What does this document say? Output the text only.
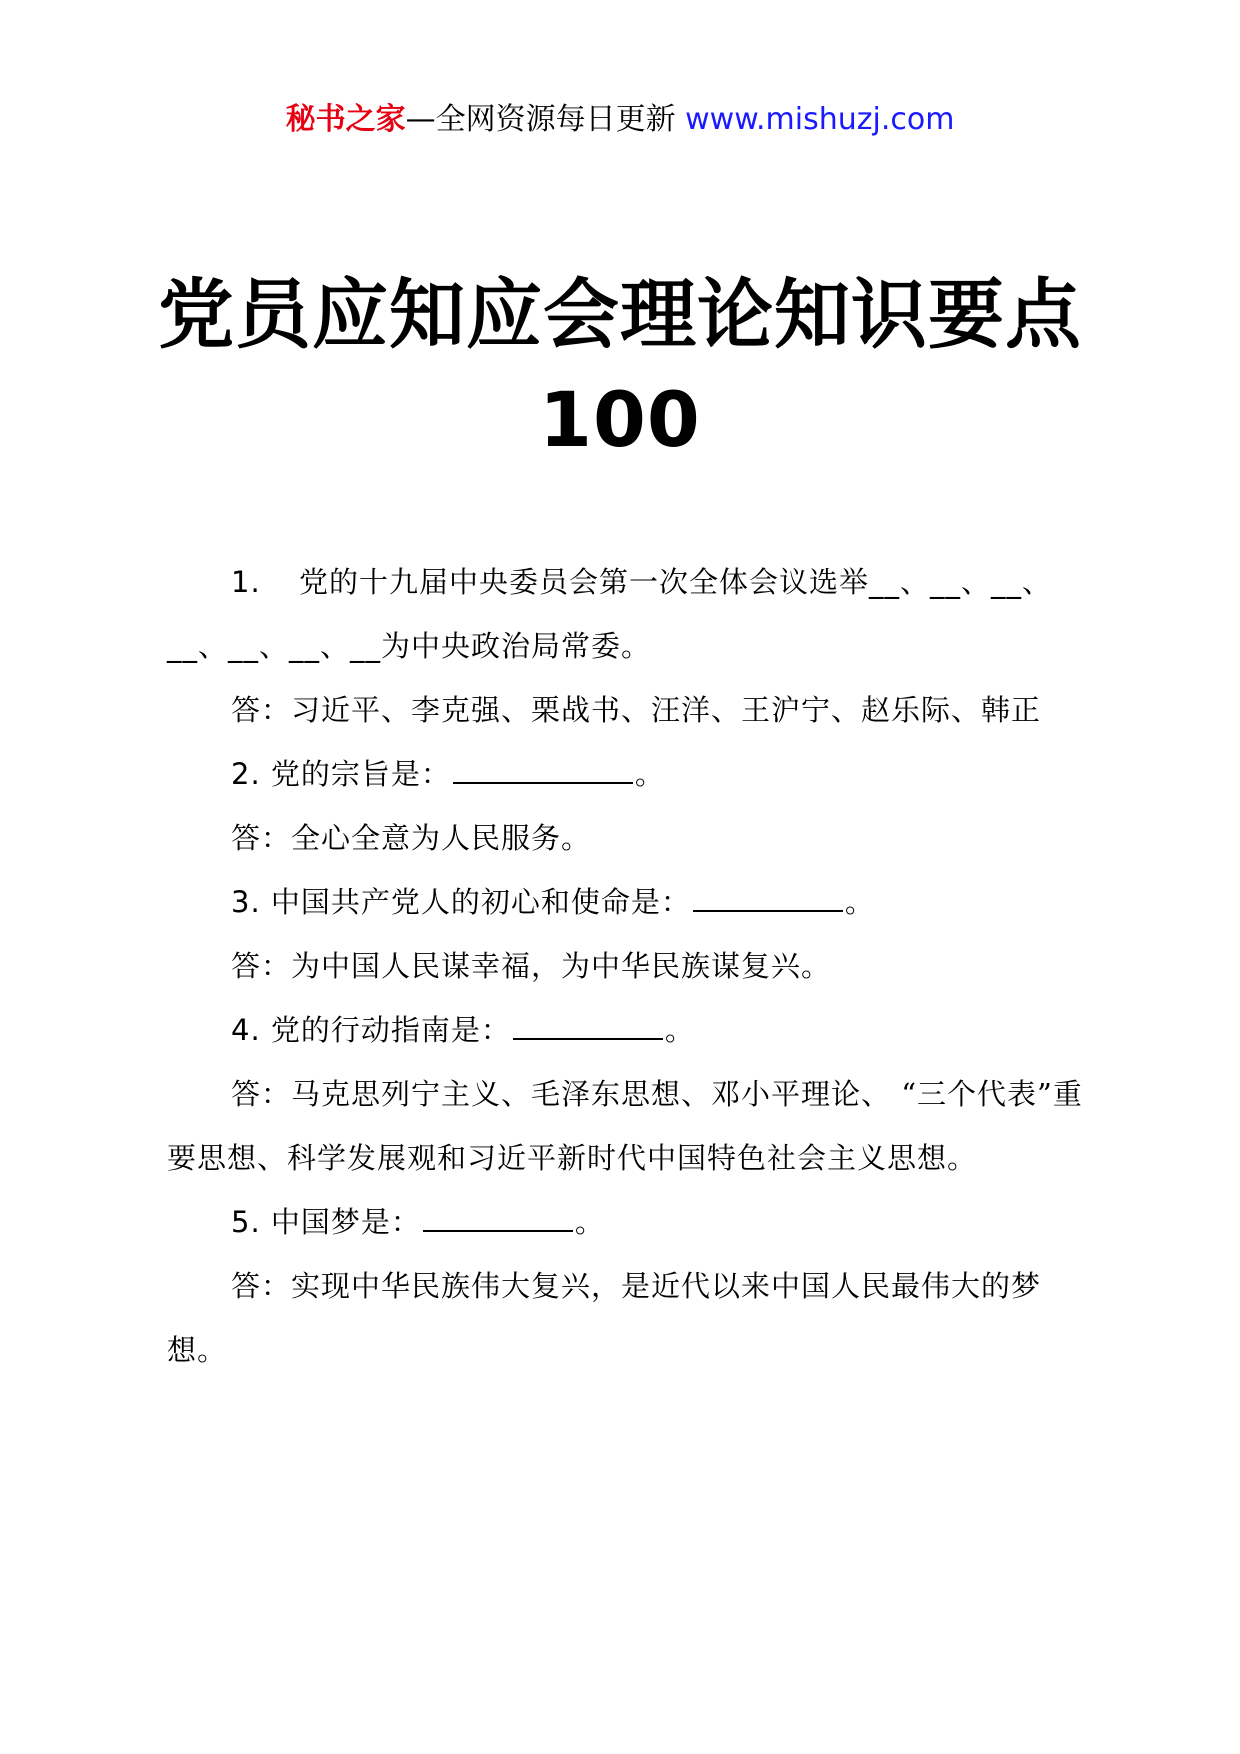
秘书之家—全网资源每日更新 www.mishuzj.com
党员应知应会理论知识要点
100

1. 党的十九届中央委员会第一次全体会议选举__、__、__、__、__、__、__为中央政治局常委。

答：习近平、李克强、栗战书、汪洋、王沪宁、赵乐际、韩正

2. 党的宗旨是：	。

答：全心全意为人民服务。

3. 中国共产党人的初心和使命是：	。

答：为中国人民谋幸福，为中华民族谋复兴。

4. 党的行动指南是：	。

答：马克思列宁主义、毛泽东思想、邓小平理论、 “三个代表”重要思想、科学发展观和习近平新时代中国特色社会主义思想。

5. 中国梦是：	。

答：实现中华民族伟大复兴，是近代以来中国人民最伟大的梦想。
